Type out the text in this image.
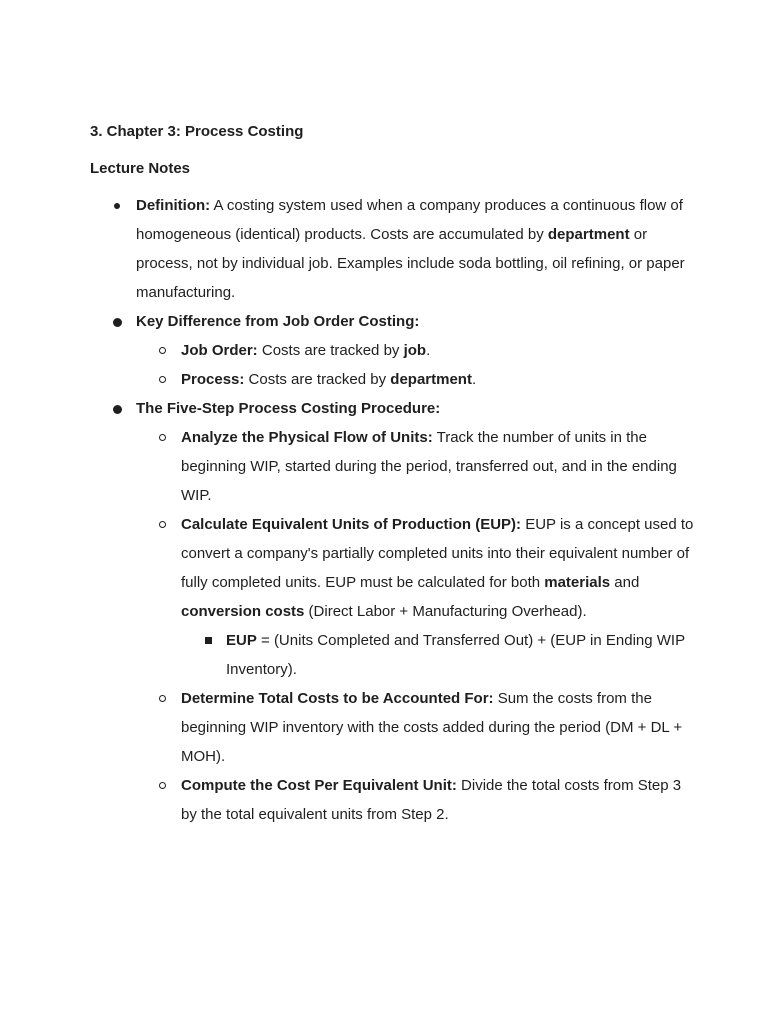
3. Chapter 3: Process Costing
Lecture Notes
Definition: A costing system used when a company produces a continuous flow of homogeneous (identical) products. Costs are accumulated by department or process, not by individual job. Examples include soda bottling, oil refining, or paper manufacturing.
Key Difference from Job Order Costing:
Job Order: Costs are tracked by job.
Process: Costs are tracked by department.
The Five-Step Process Costing Procedure:
Analyze the Physical Flow of Units: Track the number of units in the beginning WIP, started during the period, transferred out, and in the ending WIP.
Calculate Equivalent Units of Production (EUP): EUP is a concept used to convert a company's partially completed units into their equivalent number of fully completed units. EUP must be calculated for both materials and conversion costs (Direct Labor + Manufacturing Overhead).
EUP = (Units Completed and Transferred Out) + (EUP in Ending WIP Inventory).
Determine Total Costs to be Accounted For: Sum the costs from the beginning WIP inventory with the costs added during the period (DM + DL + MOH).
Compute the Cost Per Equivalent Unit: Divide the total costs from Step 3 by the total equivalent units from Step 2.
